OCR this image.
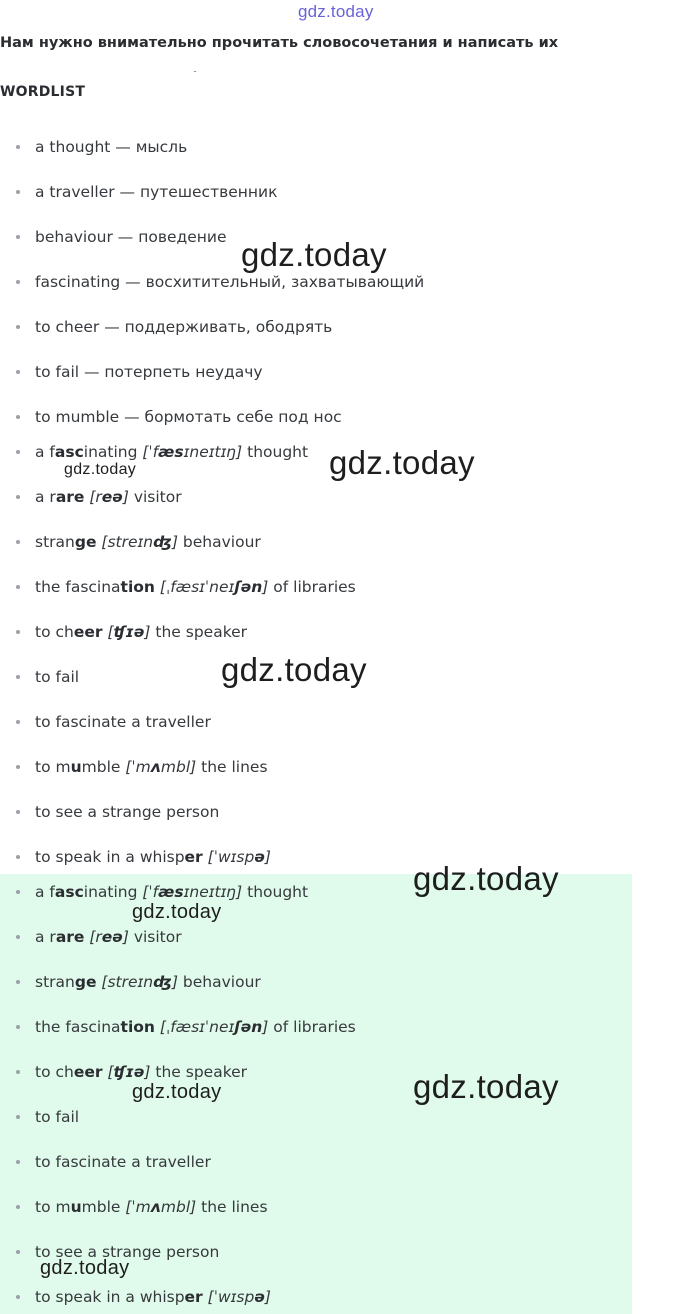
gdz.today
Нам нужно внимательно прочитать словосочетания и написать их
˘
WORDLIST
a thought — мысль
a traveller — путешественник
behaviour — поведение
fascinating — восхитительный, захватывающий
to cheer — поддерживать, ободрять
to fail — потерпеть неудачу
to mumble — бормотать себе под нос
a fascinating [ˈfæsɪneɪtɪŋ] thought
a rare [reə] visitor
strange [streɪnʤ] behaviour
the fascination [ˌfæsɪˈneɪʃən] of libraries
to cheer [ʧɪə] the speaker
to fail
to fascinate a traveller
to mumble [ˈmʌmbl] the lines
to see a strange person
to speak in a whisper [ˈwɪspə]
a fascinating [ˈfæsɪneɪtɪŋ] thought
a rare [reə] visitor
strange [streɪnʤ] behaviour
the fascination [ˌfæsɪˈneɪʃən] of libraries
to cheer [ʧɪə] the speaker
to fail
to fascinate a traveller
to mumble [ˈmʌmbl] the lines
to see a strange person
to speak in a whisper [ˈwɪspə]
gdz.today
gdz.today
gdz.today
gdz.today
gdz.today
gdz.today
gdz.today
gdz.today
gdz.today
